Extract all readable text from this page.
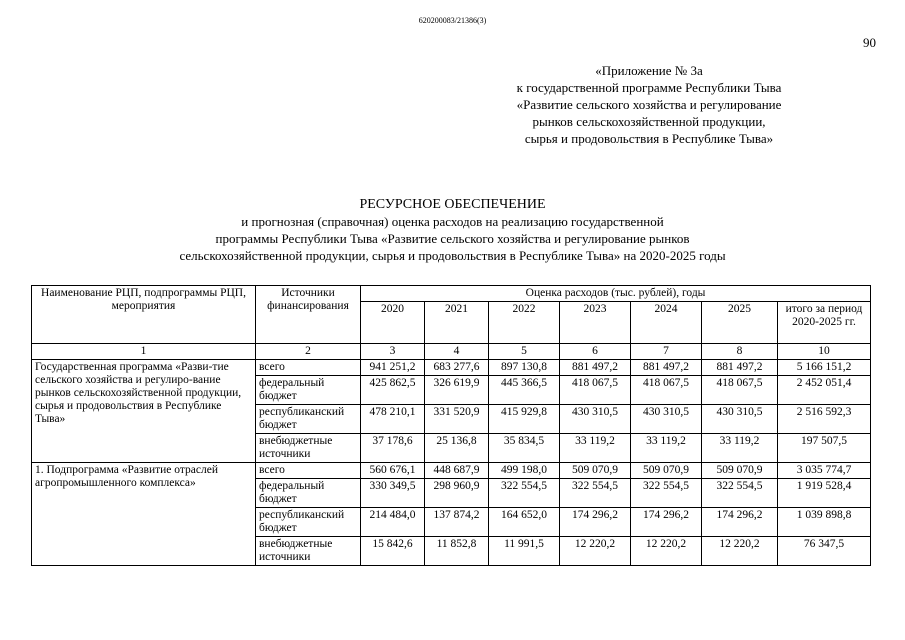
620200083/21386(3)
90
«Приложение № 3а
к государственной программе Республики Тыва
«Развитие сельского хозяйства и регулирование
рынков сельскохозяйственной продукции,
сырья и продовольствия в Республике Тыва»
РЕСУРСНОЕ ОБЕСПЕЧЕНИЕ
и прогнозная (справочная) оценка расходов на реализацию государственной
программы Республики Тыва «Развитие сельского хозяйства и регулирование рынков
сельскохозяйственной продукции, сырья и продовольствия в Республике Тыва» на 2020-2025 годы
Наименование РЦП, подпрограммы РЦП, мероприятия	Источники финансирования	Оценка расходов (тыс. рублей), годы						
		2020	2021	2022	2023	2024	2025	итого за период 2020-2025 гг.
1	2	3	4	5	6	7	8	10
Государственная программа «Разви-тие сельского хозяйства и регулиро-вание рынков сельскохозяйственной продукции, сырья и продовольствия в Республике Тыва»	всего	941 251,2	683 277,6	897 130,8	881 497,2	881 497,2	881 497,2	5 166 151,2
	федеральный бюджет	425 862,5	326 619,9	445 366,5	418 067,5	418 067,5	418 067,5	2 452 051,4
	республиканский бюджет	478 210,1	331 520,9	415 929,8	430 310,5	430 310,5	430 310,5	2 516 592,3
	внебюджетные источники	37 178,6	25 136,8	35 834,5	33 119,2	33 119,2	33 119,2	197 507,5
1. Подпрограмма «Развитие отраслей агропромышленного комплекса»	всего	560 676,1	448 687,9	499 198,0	509 070,9	509 070,9	509 070,9	3 035 774,7
	федеральный бюджет	330 349,5	298 960,9	322 554,5	322 554,5	322 554,5	322 554,5	1 919 528,4
	республиканский бюджет	214 484,0	137 874,2	164 652,0	174 296,2	174 296,2	174 296,2	1 039 898,8
	внебюджетные источники	15 842,6	11 852,8	11 991,5	12 220,2	12 220,2	12 220,2	76 347,5
